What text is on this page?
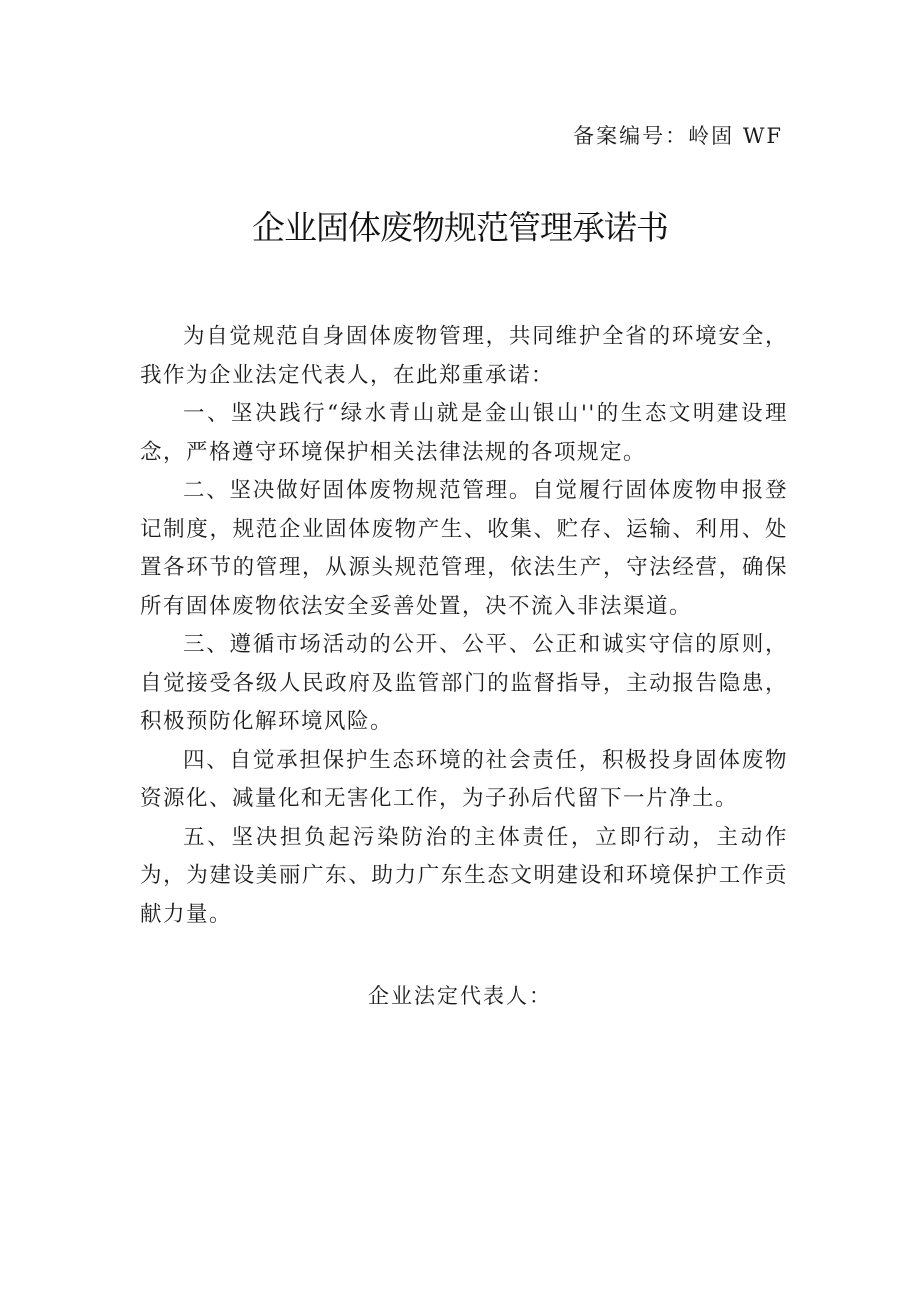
备案编号：岭固 WF
企业固体废物规范管理承诺书

为自觉规范自身固体废物管理，共同维护全省的环境安全，我作为企业法定代表人，在此郑重承诺：

一、坚决践行“绿水青山就是金山银山''的生态文明建设理念，严格遵守环境保护相关法律法规的各项规定。

二、坚决做好固体废物规范管理。自觉履行固体废物申报登记制度，规范企业固体废物产生、收集、贮存、运输、利用、处置各环节的管理，从源头规范管理，依法生产，守法经营，确保所有固体废物依法安全妥善处置，决不流入非法渠道。

三、遵循市场活动的公开、公平、公正和诚实守信的原则，自觉接受各级人民政府及监管部门的监督指导，主动报告隐患，积极预防化解环境风险。

四、自觉承担保护生态环境的社会责任，积极投身固体废物资源化、减量化和无害化工作，为子孙后代留下一片净土。

五、坚决担负起污染防治的主体责任，立即行动，主动作为，为建设美丽广东、助力广东生态文明建设和环境保护工作贡献力量。

企业法定代表人：
